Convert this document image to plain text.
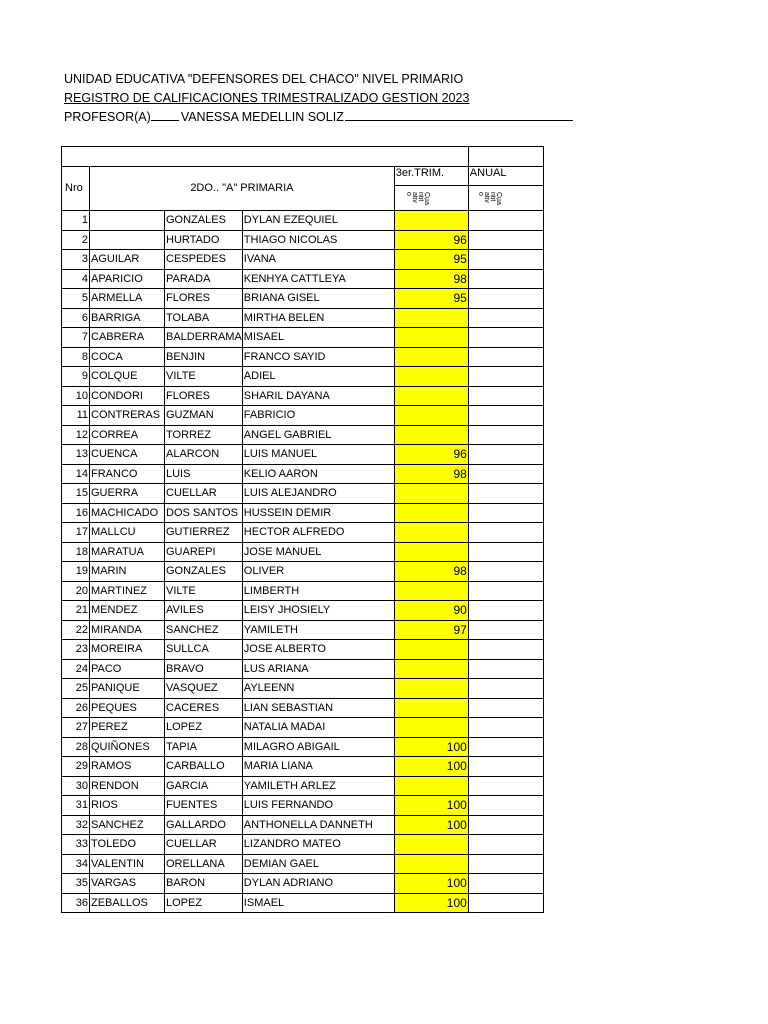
UNIDAD EDUCATIVA "DEFENSORES DEL CHACO" NIVEL PRIMARIO
REGISTRO DE CALIFICACIONES TRIMESTRALIZADO GESTION 2023
PROFESOR(A) VANESSA MEDELLIN SOLIZ

Nro	2DO.. "A" PRIMARIA			3er.TRIM.	ANUAL
				Cua ntit ativ o	Cua ntit ativ o
1		GONZALES	DYLAN EZEQUIEL		
2		HURTADO	THIAGO NICOLAS	96	
3	AGUILAR	CESPEDES	IVANA	95	
4	APARICIO	PARADA	KENHYA CATTLEYA	98	
5	ARMELLA	FLORES	BRIANA GISEL	95	
6	BARRIGA	TOLABA	MIRTHA BELEN		
7	CABRERA	BALDERRAMA	MISAEL		
8	COCA	BENJIN	FRANCO SAYID		
9	COLQUE	VILTE	ADIEL		
10	CONDORI	FLORES	SHARIL DAYANA		
11	CONTRERAS	GUZMAN	FABRICIO		
12	CORREA	TORREZ	ANGEL GABRIEL		
13	CUENCA	ALARCON	LUIS MANUEL	96	
14	FRANCO	LUIS	KELIO AARON	98	
15	GUERRA	CUELLAR	LUIS ALEJANDRO		
16	MACHICADO	DOS SANTOS	HUSSEIN DEMIR		
17	MALLCU	GUTIERREZ	HECTOR ALFREDO		
18	MARATUA	GUAREPI	JOSE MANUEL		
19	MARIN	GONZALES	OLIVER	98	
20	MARTINEZ	VILTE	LIMBERTH		
21	MENDEZ	AVILES	LEISY JHOSIELY	90	
22	MIRANDA	SANCHEZ	YAMILETH	97	
23	MOREIRA	SULLCA	JOSE ALBERTO		
24	PACO	BRAVO	LUS ARIANA		
25	PANIQUE	VASQUEZ	AYLEENN		
26	PEQUES	CACERES	LIAN SEBASTIAN		
27	PEREZ	LOPEZ	NATALIA MADAI		
28	QUIÑONES	TAPIA	MILAGRO ABIGAIL	100	
29	RAMOS	CARBALLO	MARIA LIANA	100	
30	RENDON	GARCIA	YAMILETH ARLEZ		
31	RIOS	FUENTES	LUIS FERNANDO	100	
32	SANCHEZ	GALLARDO	ANTHONELLA DANNETH	100	
33	TOLEDO	CUELLAR	LIZANDRO MATEO		
34	VALENTIN	ORELLANA	DEMIAN GAEL		
35	VARGAS	BARON	DYLAN ADRIANO	100	
36	ZEBALLOS	LOPEZ	ISMAEL	100	
